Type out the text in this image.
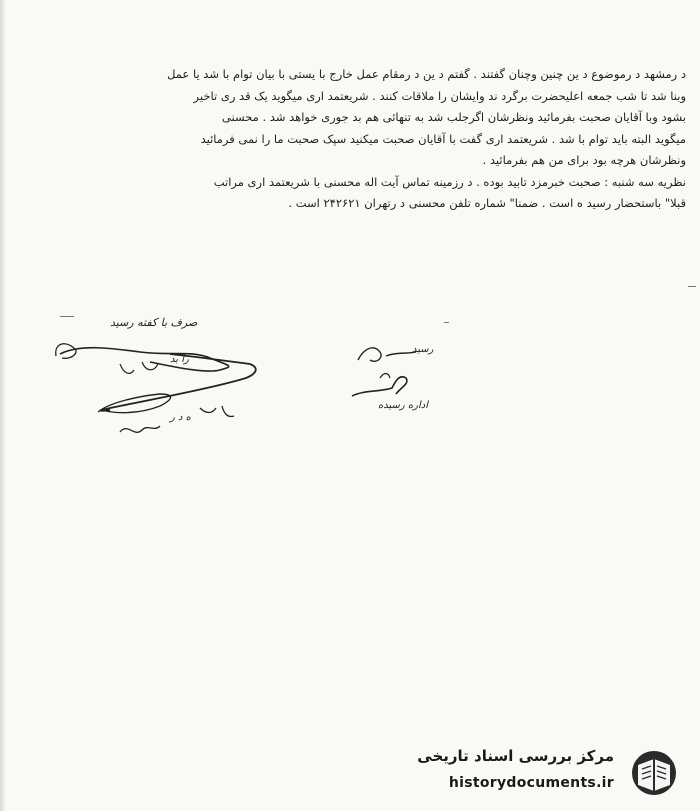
د رمشهد د رموضوع د ین چنین وچنان گفتند . گفتم د ین د رمقام عمل خارج با یستی با بیان توام با شد یا عمل
وبنا شد تا شب جمعه اعلیحضرت برگرد ند وایشان را ملاقات کنند . شریعتمد اری میگوید یک قد ری تاخیر
بشود وبا آقایان صحبت بفرمائید ونظرشان اگرجلب شد به تنهائی هم بد جوری خواهد شد . محسنی
میگوید البته باید توام با شد . شریعتمد اری گفت با آقایان صحبت میکنید سپک صحبت ما را نمی فرمائید
ونظرشان هرچه بود برای من هم بفرمائید .
نظریه سه شنبه : صحبت خبرمزد تابید بوده . د رزمینه تماس آیت اله محسنی با شریعتمد اری مراتب
قبلا" باستحضار رسید ه است . ضمنا" شماره تلفن محسنی د رتهران ۲۴۲۶۲۱ است .
صرف با کفته رسید
را بد
ه د ر
رسید
اداره رسیده
مرکز بررسی اسناد تاریخی
historydocuments.ir
